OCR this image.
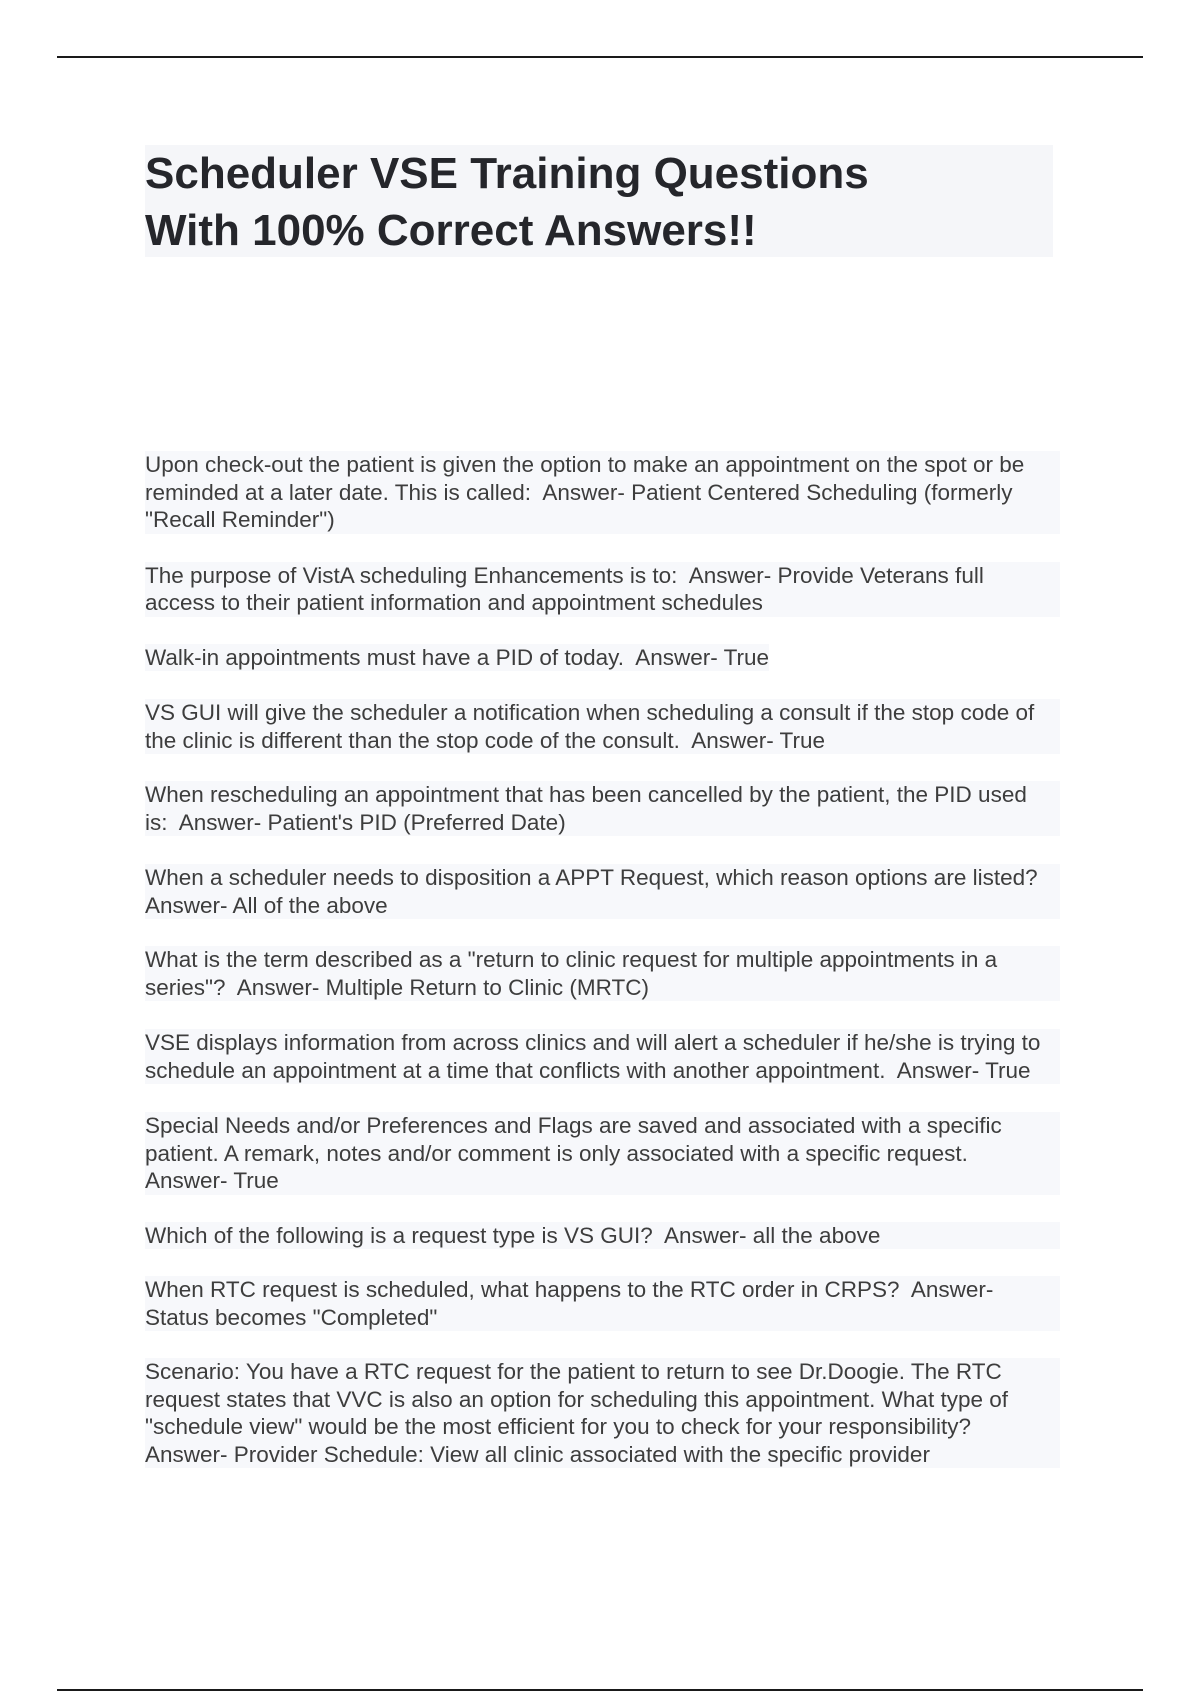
Scheduler VSE Training Questions
With 100% Correct Answers!!

Upon check-out the patient is given the option to make an appointment on the spot or be reminded at a later date. This is called: Answer- Patient Centered Scheduling (formerly "Recall Reminder")

The purpose of VistA scheduling Enhancements is to: Answer- Provide Veterans full access to their patient information and appointment schedules

Walk-in appointments must have a PID of today. Answer- True

VS GUI will give the scheduler a notification when scheduling a consult if the stop code of the clinic is different than the stop code of the consult. Answer- True

When rescheduling an appointment that has been cancelled by the patient, the PID used is: Answer- Patient's PID (Preferred Date)

When a scheduler needs to disposition a APPT Request, which reason options are listed?  Answer- All of the above

What is the term described as a "return to clinic request for multiple appointments in a series"? Answer- Multiple Return to Clinic (MRTC)

VSE displays information from across clinics and will alert a scheduler if he/she is trying to schedule an appointment at a time that conflicts with another appointment. Answer- True

Special Needs and/or Preferences and Flags are saved and associated with a specific patient. A remark, notes and/or comment is only associated with a specific request.  Answer- True

Which of the following is a request type is VS GUI? Answer- all the above

When RTC request is scheduled, what happens to the RTC order in CRPS? Answer- Status becomes "Completed"

Scenario: You have a RTC request for the patient to return to see Dr.Doogie. The RTC request states that VVC is also an option for scheduling this appointment. What type of "schedule view" would be the most efficient for you to check for your responsibility?  Answer- Provider Schedule: View all clinic associated with the specific provider
